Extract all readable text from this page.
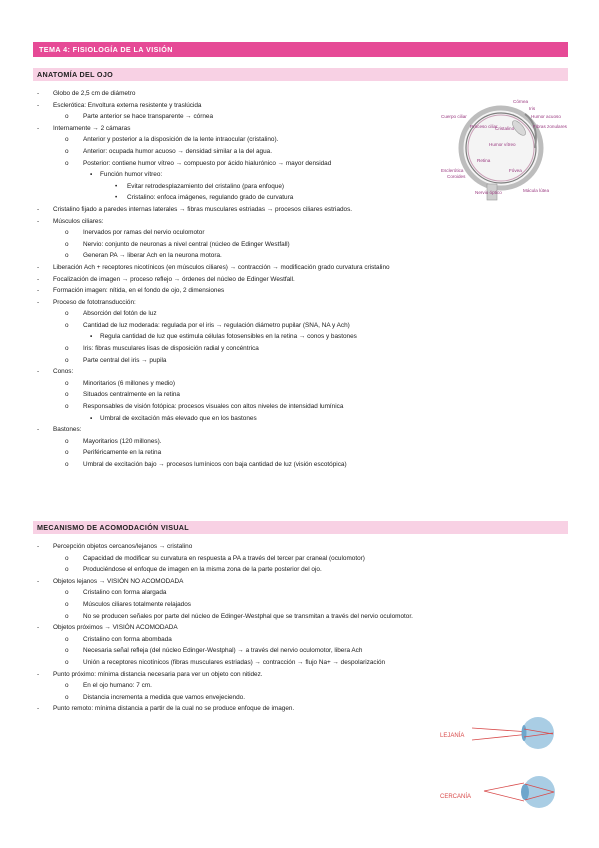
TEMA 4: FISIOLOGÍA DE LA VISIÓN
ANATOMÍA DEL OJO
- Globo de 2,5 cm de diámetro
- Esclerótica: Envoltura externa resistente y traslúcida
o Parte anterior se hace transparente → córnea
- Internamente → 2 cámaras
o Anterior y posterior a la disposición de la lente intraocular (cristalino).
o Anterior: ocupada humor acuoso → densidad similar a la del agua.
o Posterior: contiene humor vítreo → compuesto por ácido hialurónico → mayor densidad
▪ Función humor vítreo:
• Evitar retrodesplazamiento del cristalino (para enfoque)
• Cristalino: enfoca imágenes, regulando grado de curvatura
- Cristalino fijado a paredes internas laterales → fibras musculares estriadas → procesos ciliares estriados.
- Músculos ciliares:
o Inervados por ramas del nervio oculomotor
o Nervio: conjunto de neuronas a nivel central (núcleo de Edinger Westfall)
o Generan PA → liberar Ach en la neurona motora.
- Liberación Ach + receptores nicotínicos (en músculos ciliares) → contracción → modificación grado curvatura cristalino
- Focalización de imagen → proceso reflejo → órdenes del núcleo de Edinger Westfall.
- Formación imagen: nítida, en el fondo de ojo, 2 dimensiones
- Proceso de fototransducción:
o Absorción del fotón de luz
o Cantidad de luz moderada: regulada por el iris → regulación diámetro pupilar (SNA, NA y Ach)
▪ Regula cantidad de luz que estimula células fotosensibles en la retina → conos y bastones
o Iris: fibras musculares lisas de disposición radial y concéntrica
o Parte central del iris → pupila
- Conos:
o Minoritarios (6 millones y medio)
o Situados centralmente en la retina
o Responsables de visión fotópica: procesos visuales con altos niveles de intensidad lumínica
▪ Umbral de excitación más elevado que en los bastones
- Bastones:
o Mayoritarios (120 millones).
o Periféricamente en la retina
o Umbral de excitación bajo → procesos lumínicos con baja cantidad de luz (visión escotópica)
Córnea
Iris
Cuerpo ciliar	Humor acuoso
Cristalino
Proceso ciliar	Fibras zonulares
Humor vítreo
Retina
Esclerótica
Coroides
Fóvea
Nervio óptico	Mácula lútea
MECANISMO DE ACOMODACIÓN VISUAL
- Percepción objetos cercanos/lejanos → cristalino
o Capacidad de modificar su curvatura en respuesta a PA a través del tercer par craneal (oculomotor)
o Produciéndose el enfoque de imagen en la misma zona de la parte posterior del ojo.
- Objetos lejanos → VISIÓN NO ACOMODADA
o Cristalino con forma alargada
o Músculos ciliares totalmente relajados
o No se producen señales por parte del núcleo de Edinger-Westphal que se transmitan a través del nervio oculomotor.
- Objetos próximos → VISIÓN ACOMODADA
o Cristalino con forma abombada
o Necesaria señal refleja (del núcleo Edinger-Westphal) → a través del nervio oculomotor, libera Ach
o Unión a receptores nicotínicos (fibras musculares estriadas) → contracción → flujo Na+ → despolarización
- Punto próximo: mínima distancia necesaria para ver un objeto con nitidez.
o En el ojo humano: 7 cm.
o Distancia incrementa a medida que vamos envejeciendo.
- Punto remoto: mínima distancia a partir de la cual no se produce enfoque de imagen.
LEJANÍA
CERCANÍA
